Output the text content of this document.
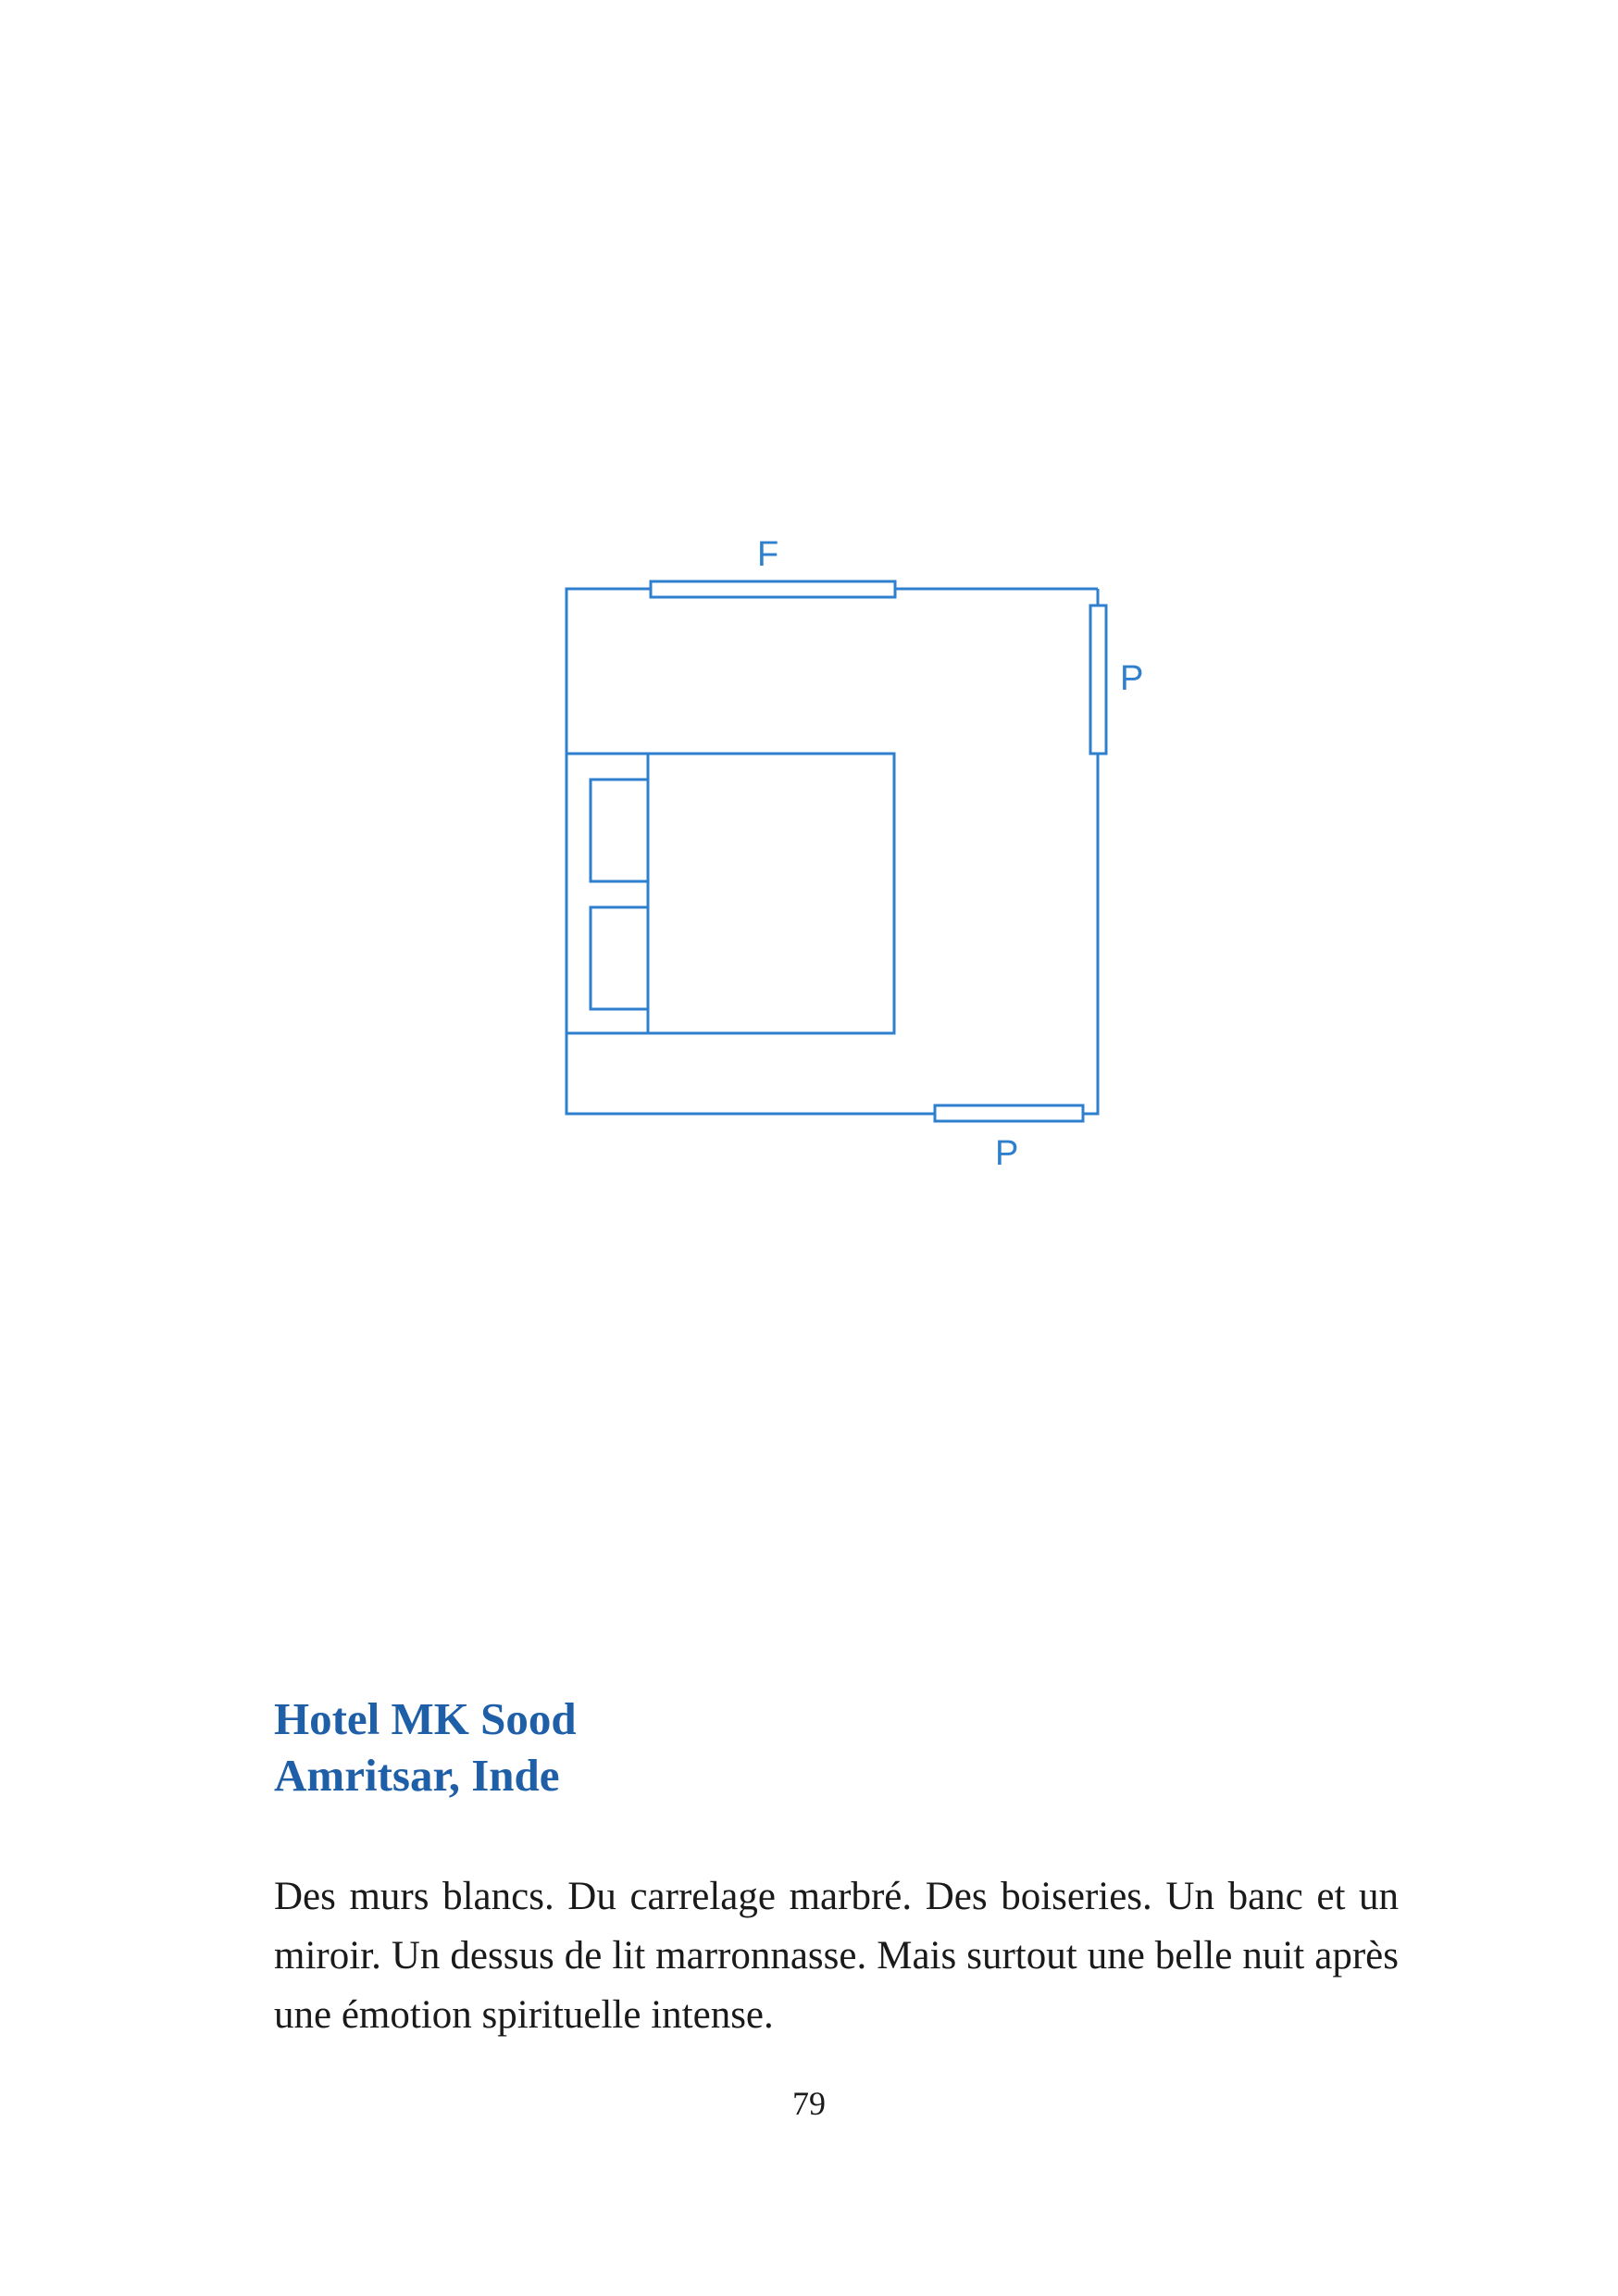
F
P
P
Hotel MK Sood
Amritsar, Inde

Des murs blancs. Du carrelage marbré. Des boiseries. Un banc et un miroir. Un dessus de lit marronnasse. Mais surtout une belle nuit après une émotion spirituelle intense.

79
